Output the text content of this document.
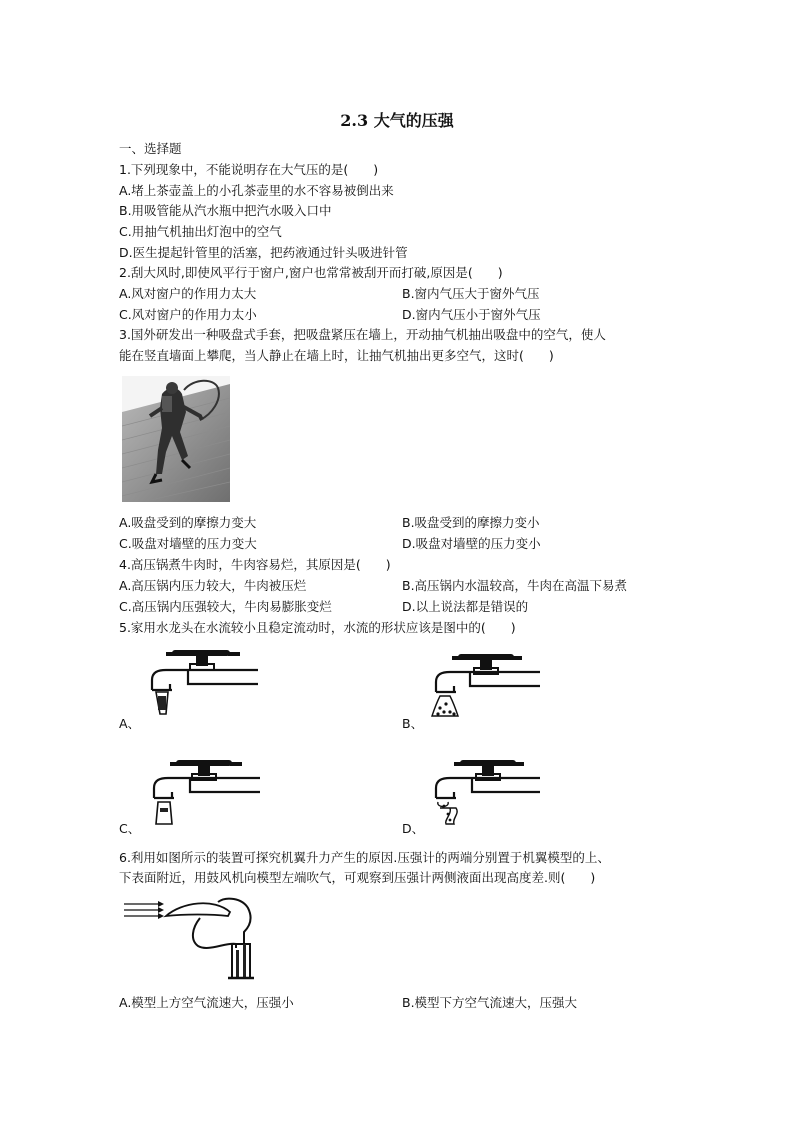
2.3 大气的压强
一、选择题
1.下列现象中，不能说明存在大气压的是(　　)
A.堵上茶壶盖上的小孔茶壶里的水不容易被倒出来
B.用吸管能从汽水瓶中把汽水吸入口中
C.用抽气机抽出灯泡中的空气
D.医生提起针管里的活塞，把药液通过针头吸进针管
2.刮大风时,即使风平行于窗户,窗户也常常被刮开而打破,原因是(　　)
A.风对窗户的作用力太大	B.窗内气压大于窗外气压
C.风对窗户的作用力太小	D.窗内气压小于窗外气压
3.国外研发出一种吸盘式手套，把吸盘紧压在墙上，开动抽气机抽出吸盘中的空气，使人
能在竖直墙面上攀爬，当人静止在墙上时，让抽气机抽出更多空气，这时(　　)
A.吸盘受到的摩擦力变大	B.吸盘受到的摩擦力变小
C.吸盘对墙壁的压力变大	D.吸盘对墙壁的压力变小
4.高压锅煮牛肉时，牛肉容易烂，其原因是(　　)
A.高压锅内压力较大，牛肉被压烂	B.高压锅内水温较高，牛肉在高温下易煮
C.高压锅内压强较大，牛肉易膨胀变烂	D.以上说法都是错误的
5.家用水龙头在水流较小且稳定流动时，水流的形状应该是图中的(　　)
A、	B、
C、	D、
6.利用如图所示的装置可探究机翼升力产生的原因.压强计的两端分别置于机翼模型的上、
下表面附近，用鼓风机向模型左端吹气，可观察到压强计两侧液面出现高度差.则(　　)
A.模型上方空气流速大，压强小	B.模型下方空气流速大，压强大
